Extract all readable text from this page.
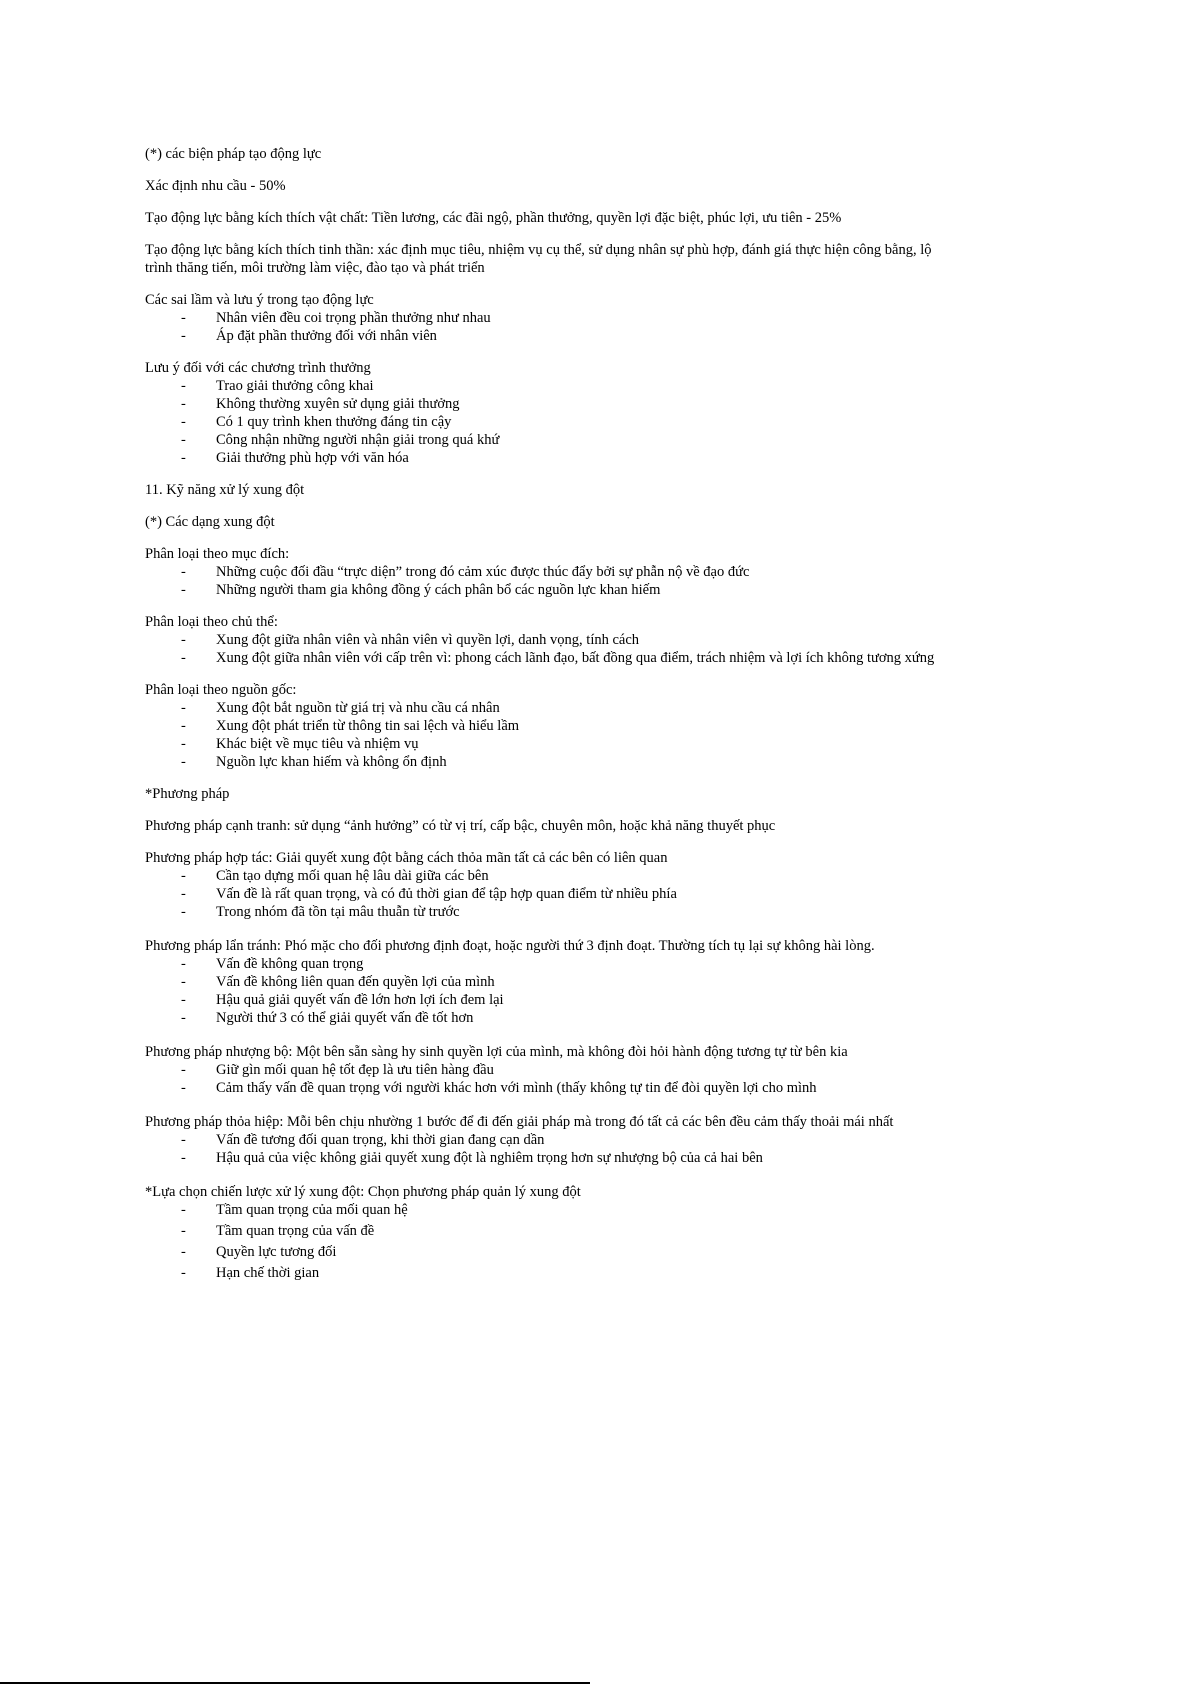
(*) các biện pháp tạo động lực

Xác định nhu cầu - 50%

Tạo động lực bằng kích thích vật chất: Tiền lương, các đãi ngộ, phần thưởng, quyền lợi đặc biệt, phúc lợi, ưu tiên - 25%

Tạo động lực bằng kích thích tinh thần: xác định mục tiêu, nhiệm vụ cụ thể, sử dụng nhân sự phù hợp, đánh giá thực hiện công bằng, lộ trình thăng tiến, môi trường làm việc, đào tạo và phát triển

Các sai lầm và lưu ý trong tạo động lực

- Nhân viên đều coi trọng phần thưởng như nhau
- Áp đặt phần thưởng đối với nhân viên

Lưu ý đối với các chương trình thưởng

- Trao giải thưởng công khai
- Không thường xuyên sử dụng giải thưởng
- Có 1 quy trình khen thưởng đáng tin cậy
- Công nhận những người nhận giải trong quá khứ
- Giải thưởng phù hợp với văn hóa

11. Kỹ năng xử lý xung đột

(*) Các dạng xung đột

Phân loại theo mục đích:

- Những cuộc đối đầu “trực diện” trong đó cảm xúc được thúc đẩy bởi sự phẫn nộ về đạo đức
- Những người tham gia không đồng ý cách phân bổ các nguồn lực khan hiếm

Phân loại theo chủ thể:

- Xung đột giữa nhân viên và nhân viên vì quyền lợi, danh vọng, tính cách
- Xung đột giữa nhân viên với cấp trên vì: phong cách lãnh đạo, bất đồng qua điểm, trách nhiệm và lợi ích không tương xứng

Phân loại theo nguồn gốc:

- Xung đột bắt nguồn từ giá trị và nhu cầu cá nhân
- Xung đột phát triển từ thông tin sai lệch và hiểu lầm
- Khác biệt về mục tiêu và nhiệm vụ
- Nguồn lực khan hiếm và không ổn định

*Phương pháp

Phương pháp cạnh tranh: sử dụng “ảnh hưởng” có từ vị trí, cấp bậc, chuyên môn, hoặc khả năng thuyết phục

Phương pháp hợp tác: Giải quyết xung đột bằng cách thỏa mãn tất cả các bên có liên quan

- Cần tạo dựng mối quan hệ lâu dài giữa các bên
- Vấn đề là rất quan trọng, và có đủ thời gian để tập hợp quan điểm từ nhiều phía
- Trong nhóm đã tồn tại mâu thuẫn từ trước

Phương pháp lẩn tránh: Phó mặc cho đối phương định đoạt, hoặc người thứ 3 định đoạt. Thường tích tụ lại sự không hài lòng.

- Vấn đề không quan trọng
- Vấn đề không liên quan đến quyền lợi của mình
- Hậu quả giải quyết vấn đề lớn hơn lợi ích đem lại
- Người thứ 3 có thể giải quyết vấn đề tốt hơn

Phương pháp nhượng bộ: Một bên sẵn sàng hy sinh quyền lợi của mình, mà không đòi hỏi hành động tương tự từ bên kia

- Giữ gìn mối quan hệ tốt đẹp là ưu tiên hàng đầu
- Cảm thấy vấn đề quan trọng với người khác hơn với mình (thấy không tự tin để đòi quyền lợi cho mình

Phương pháp thỏa hiệp: Mỗi bên chịu nhường 1 bước để đi đến giải pháp mà trong đó tất cả các bên đều cảm thấy thoải mái nhất

- Vấn đề tương đối quan trọng, khi thời gian đang cạn dần
- Hậu quả của việc không giải quyết xung đột là nghiêm trọng hơn sự nhượng bộ của cả hai bên

*Lựa chọn chiến lược xử lý xung đột: Chọn phương pháp quản lý xung đột

- Tầm quan trọng của mối quan hệ
- Tầm quan trọng của vấn đề
- Quyền lực tương đối
- Hạn chế thời gian
